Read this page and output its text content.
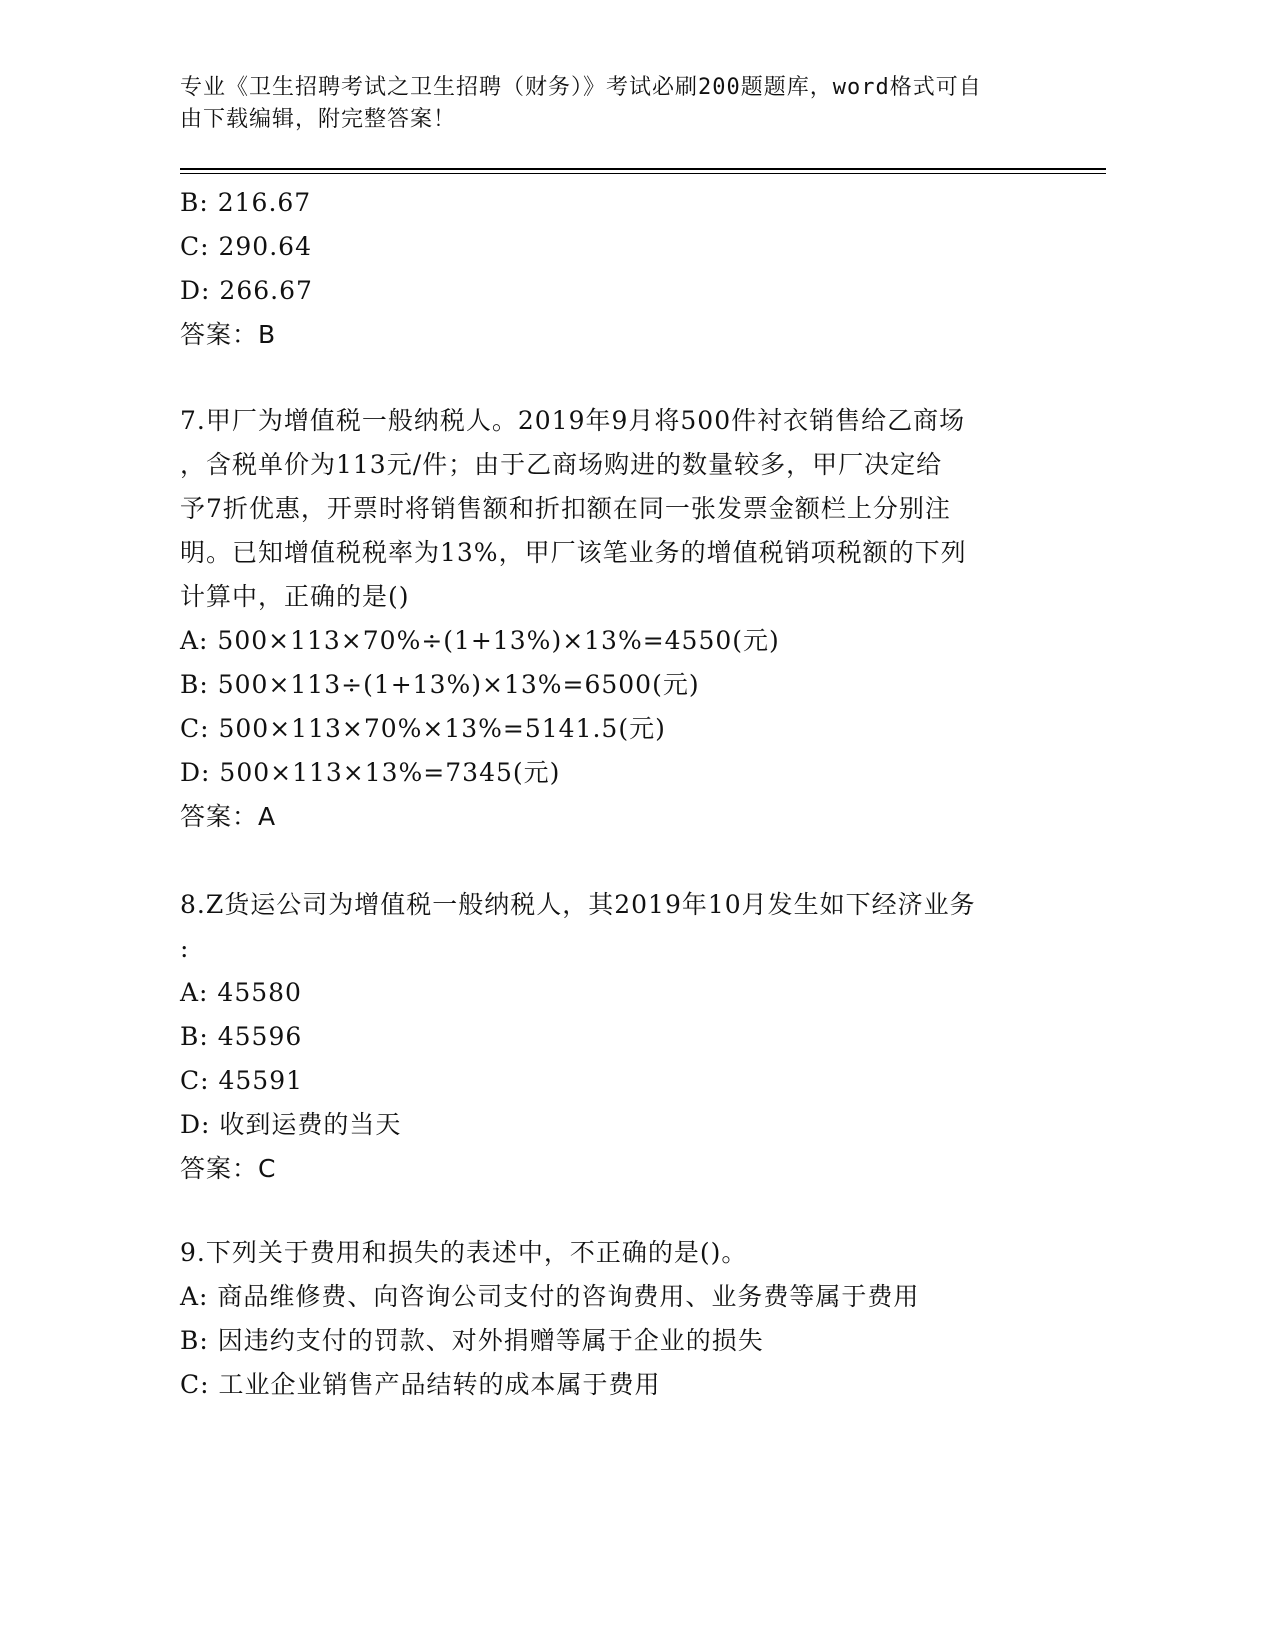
专业《卫生招聘考试之卫生招聘（财务）》考试必刷200题题库，word格式可自
由下载编辑，附完整答案！
B: 216.67
C: 290.64
D: 266.67
答案：B
7.甲厂为增值税一般纳税人。2019年9月将500件衬衣销售给乙商场
，含税单价为113元/件；由于乙商场购进的数量较多，甲厂决定给
予7折优惠，开票时将销售额和折扣额在同一张发票金额栏上分别注
明。已知增值税税率为13%，甲厂该笔业务的增值税销项税额的下列
计算中，正确的是()
A: 500×113×70%÷(1+13%)×13%=4550(元)
B: 500×113÷(1+13%)×13%=6500(元)
C: 500×113×70%×13%=5141.5(元)
D: 500×113×13%=7345(元)
答案：A
8.Z货运公司为增值税一般纳税人，其2019年10月发生如下经济业务
:
A: 45580
B: 45596
C: 45591
D: 收到运费的当天
答案：C
9.下列关于费用和损失的表述中，不正确的是()。
A: 商品维修费、向咨询公司支付的咨询费用、业务费等属于费用
B: 因违约支付的罚款、对外捐赠等属于企业的损失
C: 工业企业销售产品结转的成本属于费用
